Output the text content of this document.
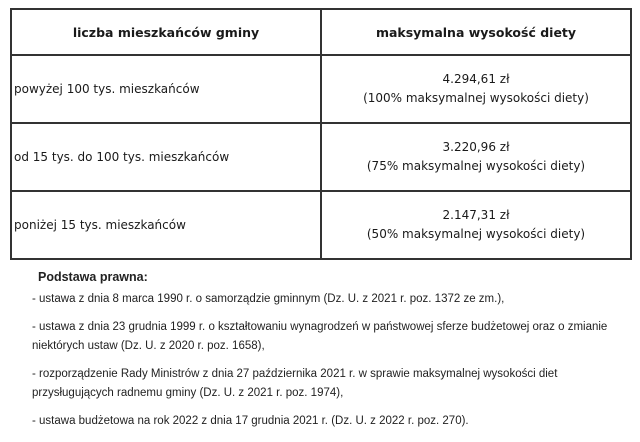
liczba mieszkańców gminy	maksymalna wysokość diety
powyżej 100 tys. mieszkańców	4.294,61 zł
(100% maksymalnej wysokości diety)

od 15 tys. do 100 tys. mieszkańców	3.220,96 zł
(75% maksymalnej wysokości diety)

poniżej 15 tys. mieszkańców	2.147,31 zł
(50% maksymalnej wysokości diety)
Podstawa prawna:
- ustawa z dnia 8 marca 1990 r. o samorządzie gminnym (Dz. U. z 2021 r. poz. 1372 ze zm.),
- ustawa z dnia 23 grudnia 1999 r. o kształtowaniu wynagrodzeń w państwowej sferze budżetowej oraz o zmianie niektórych ustaw (Dz. U. z 2020 r. poz. 1658),
- rozporządzenie Rady Ministrów z dnia 27 października 2021 r. w sprawie maksymalnej wysokości diet przysługujących radnemu gminy (Dz. U. z 2021 r. poz. 1974),
- ustawa budżetowa na rok 2022 z dnia 17 grudnia 2021 r. (Dz. U. z 2022 r. poz. 270).
